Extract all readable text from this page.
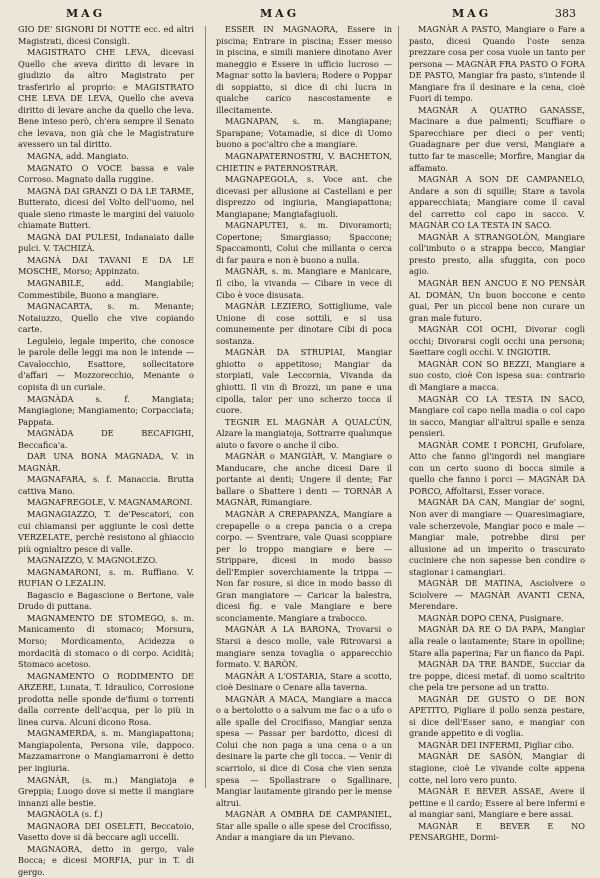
MAG	MAG	MAG	383

GIO DE' SIGNORI DI NOTTE ecc. ed altri Magistrati, dicesi Consigli.

MAGISTRATO CHE LEVA, dicevasi Quello che aveva diritto di levare in giudizio da altro Magistrato per trasferirlo al proprio: e MAGISTRATO CHE LEVA DE LEVA, Quello che aveva diritto di levare anche da quello che leva. Bene inteso però, ch'era sempre il Senato che levava, non già che le Magistrature avessero un tal diritto.

MAGNA, add. Mangiato.

MAGNATO O VOCE bassa e vale Corroso. Magnato dalla ruggine.

MAGNÀ DAI GRANZI O DA LE TARME, Butterato, dicesi del Volto dell'uomo, nel quale sieno rimaste le margini del vaiuolo chiamate Butteri.

MAGNÀ DAI PULESI, Indanaiato dalle pulci. V. TACHIZÀ.

MAGNÀ DAI TAVANI E DA LE MOSCHE, Morso; Appinzato.

MAGNABILE, add. Mangiabile; Commestibile, Buono a mangiare.

MAGNACARTA, s. m. Menante; Notaiuzzo, Quello che vive copiando carte.

Leguleio, legale imperito, che conosce le parole delle leggi ma non le intende — Cavalocchio, Esattore, sollecitatore d'affari — Mozzorecchio, Menante o copista di un curiale.

MAGNÀDA s. f. Mangiata; Mangiagione; Mangiamento; Corpacciata; Pappata.

MAGNÀDA DE BECAFIGHI, Beccafica'a.

DAR UNA BONA MAGNADA, V. in MAGNÀR.

MAGNAFARA, s. f. Manaccia. Brutta cattiva Mano.

MAGNAFREGOLE, V. MAGNAMARONI.

MAGNAGIAZZO, T. de'Pescatori, con cui chiamansi per aggiunte le così dette VERZELATE, perchè resistono al ghiaccio più ognialtro pesce di valle.

MAGNAIZZO, V. MAGNOLEZO.

MAGNAMARONI, s. m. Ruffiano. V. RUFIAN O LEZALIN.

Bagascio e Bagascione o Bertone, vale Drudo di puttana.

MAGNAMENTO DE STOMEGO, s. m. Manicamento di stomaco; Morsura, Morso; Mordicamento, Acidezza o mordacità di stomaco o di corpo. Acidità; Stomaco acetoso.

MAGNAMENTO O RODIMENTO DE ARZERE, Lunata, T. Idraulico, Corrosione prodotta nelle sponde de'fiumi o torrenti dalla corrente dell'acqua, per lo più in linea curva. Alcuni dicono Rosa.

MAGNAMERDA, s. m. Mangiapattona; Mangiapolenta, Persona vile, dappoco. Mazzamarrone o Mangiamarroni è detto per ingiuria.

MAGNÀR, (s. m.) Mangiatoja e Greppia; Luogo dove si mette il mangiare innanzi alle bestie.

MAGNÀOLA (s. f.)

MAGNAORA DEI OSELETI, Beccatoio, Vasetto dove si dà beccare agli uccelli.

MAGNAORA, detto in gergo, vale Bocca; e dicesi MORFIA, pur in T. di gergo.

ESSER IN MAGNAORA, Essere in piscina; Entrare in piscina; Esser messo in piscina, e simili maniere dinotano Aver maneggio e Essere in ufficio lucroso — Magnar sotto la baviera; Rodere o Poppar di soppiatto, si dice di chi lucra in qualche carico nascostamente e illecitamente.

MAGNAPAN, s. m. Mangiapane; Sparapane; Votamadie, si dice di Uomo buono a poc'altro che a mangiare.

MAGNAPATERNOSTRI, V. BACHETON, CHIETIN e PATERNOSTRÀR.

MAGNAPEGOLA, s. Voce ant. che dicevasi per allusione ai Castellani e per disprezzo od ingiuria, Mangiapattona; Mangiapane; Mangiafagiuoli.

MAGNAPUTEI, s. m. Divoramorti; Copertone; Smargiasso; Spaccone; Spaccamonti, Colui che millanta o cerca di far paura e non è buono a nulla.

MAGNÀR, s. m. Mangiare e Manicare, Il cibo, la vivanda — Cibare in vece di Cibo è voce disusata.

MAGNÀR LEZIERO, Sottigliume, vale Unione di cose sottili, e si usa comunemente per dinotare Cibi di poca sostanza.

MAGNÀR DA STRUPIAI, Mangiar ghiotto o appetitoso; Mangiar da storpiati, vale Leccornia, Vivanda da ghiotti. Il vin di Brozzi, un pane e una cipolla, talor per uno scherzo tocca il cuore.

TEGNIR EL MAGNÀR A QUALCÙN, Alzare la mangiatoja, Sottrarre qualunque aiuto o favore o anche il cibo.

MAGNÀR o MANGIÀR, V. Mangiare o Manducare, che anche dicesi Dare il portante ai denti; Ungere il dente; Far ballare o Sbattere i denti — TORNÀR A MAGNÀR, Rimangiare.

MAGNÀR A CREPAPANZA, Mangiare a crepapelle o a crepa pancia o a crepa corpo. — Sventrare, vale Quasi scoppiare per lo troppo mangiare e bere — Strippare, dicesi in modo basso dell'Empier soverchiamente la trippa — Non far rosure, si dice in modo basso di Gran mangiatore — Caricar la balestra, dicesi fig. e vale Mangiare e bere sconciamente. Mangiare a trabocco.

MAGNÀR A LA BARONA, Trovarsi o Starsi a desco molle, vale Ritrovarsi a mangiare senza tovaglia o apparecchio formato. V. BARÒN.

MAGNÀR A L'OSTARIA, Stare a scotto, cioè Desinare o Cenare alla taverna.

MAGNÀR A MACA, Mangiare a macca o a bertolotto o a salvum me fac o a ufo o alle spalle del Crocifisso, Mangiar senza spesa — Passar per bardotto, dicesi di Colui che non paga a una cena o a un desinare la parte che gli tocca. — Venir di scarriolo, si dice di Cosa che vien senza spesa — Spollastrare o Sgallinare, Mangiar lautamente girando per le mense altrui.

MAGNÀR A OMBRA DE CAMPANIEL, Star alle spalle o alle spese del Crocifisso, Andar a mangiare da un Pievano.

MAGNÀR A PASTO, Mangiare o Fare a pasto, dicesi Quando l'oste senza prezzare cosa per cosa vuole un tanto per persona — MAGNÀR FRA PASTO O FORA DE PASTO, Mangiar fra pasto, s'intende il Mangiare fra il desinare e la cena, cioè Fuori di tempo.

MAGNÀR A QUATRO GANASSE, Macinare a due palmenti; Scuffiare o Sparecchiare per dieci o per venti; Guadagnare per due versi, Mangiare a tutto far te mascelle; Morfire, Mangiar da affamato.

MAGNÀR A SON DE CAMPANELO, Andare a son di squille; Stare a tavola apparecchiata; Mangiare come il caval del carretto col capo in sacco. V. MAGNÀR CO LA TESTA IN SACO.

MAGNÀR A STRANGOLÒN, Mangiare coll'imbuto o a strappa becco, Mangiar presto presto, alla sfuggita, con poco agio.

MAGNÀR BEN ANCUO E NO PENSÀR AL DOMÀN, Un buon boccone e cento guai, Per un piccol bene non curare un gran male futuro.

MAGNÀR COI OCHI, Divorar cogli occhi; Divorarsi cogli occhi una persona; Saettare cogli occhi. V. INGIOTIR.

MAGNÀR CON SO BEZZI, Mangiare a suo costo, cioè Con ispesa sua: contrario di Mangiare a macca.

MAGNÀR CO LA TESTA IN SACO, Mangiare col capo nella madia o col capo in sacco, Mangiar all'altrui spalle e senza pensieri.

MAGNÀR COME I PORCHI, Grufolare, Atto che fanno gl'ingordi nel mangiare con un certo suono di bocca simile a quello che fanno i porci — MAGNÀR DA PORCO, Affoltarsi, Esser vorace.

MAGNÀR DA CAN, Mangiar de' sogni, Non aver di mangiare — Quaresimagiare, vale scherzevole, Mangiar poco e male — Mangiar male, potrebbe dirsi per allusione ad un imperito o trascurato cuciniere che non sapesse ben condire o stagionar i camangiari.

MAGNÀR DE MATINA, Asciolvere o Sciolvere — MAGNÀR AVANTI CENA, Merendare.

MAGNÀR DOPO CENA, Pusignare.

MAGNÀR DA RE O DA PAPA, Mangiar alla reale o lautamente; Stare in opolline; Stare alla paperina; Far un fianco da Papi.

MAGNÀR DA TRE BANDE, Succiar da tre poppe, dicesi metaf. di uomo scaltrito che pela tre persone ad un tratto.

MAGNÀR DE GUSTO O DE BON APETITO, Pigliare il pollo senza pestare, si dice dell'Esser sano, e mangiar con grande appetito e di voglia.

MAGNÀR DEI INFERMI, Pigliar cibo.

MAGNÀR DE SASÒN, Mangiar di stagione, cioè Le vivande colte appena cotte, nel loro vero punto.

MAGNÀR E BEVER ASSAE, Avere il pettine e il cardo; Essere al bere infermi e al mangiar sani, Mangiare e bere assai.

MAGNÀR E BEVER E NO PENSARGHE, Dormi-
